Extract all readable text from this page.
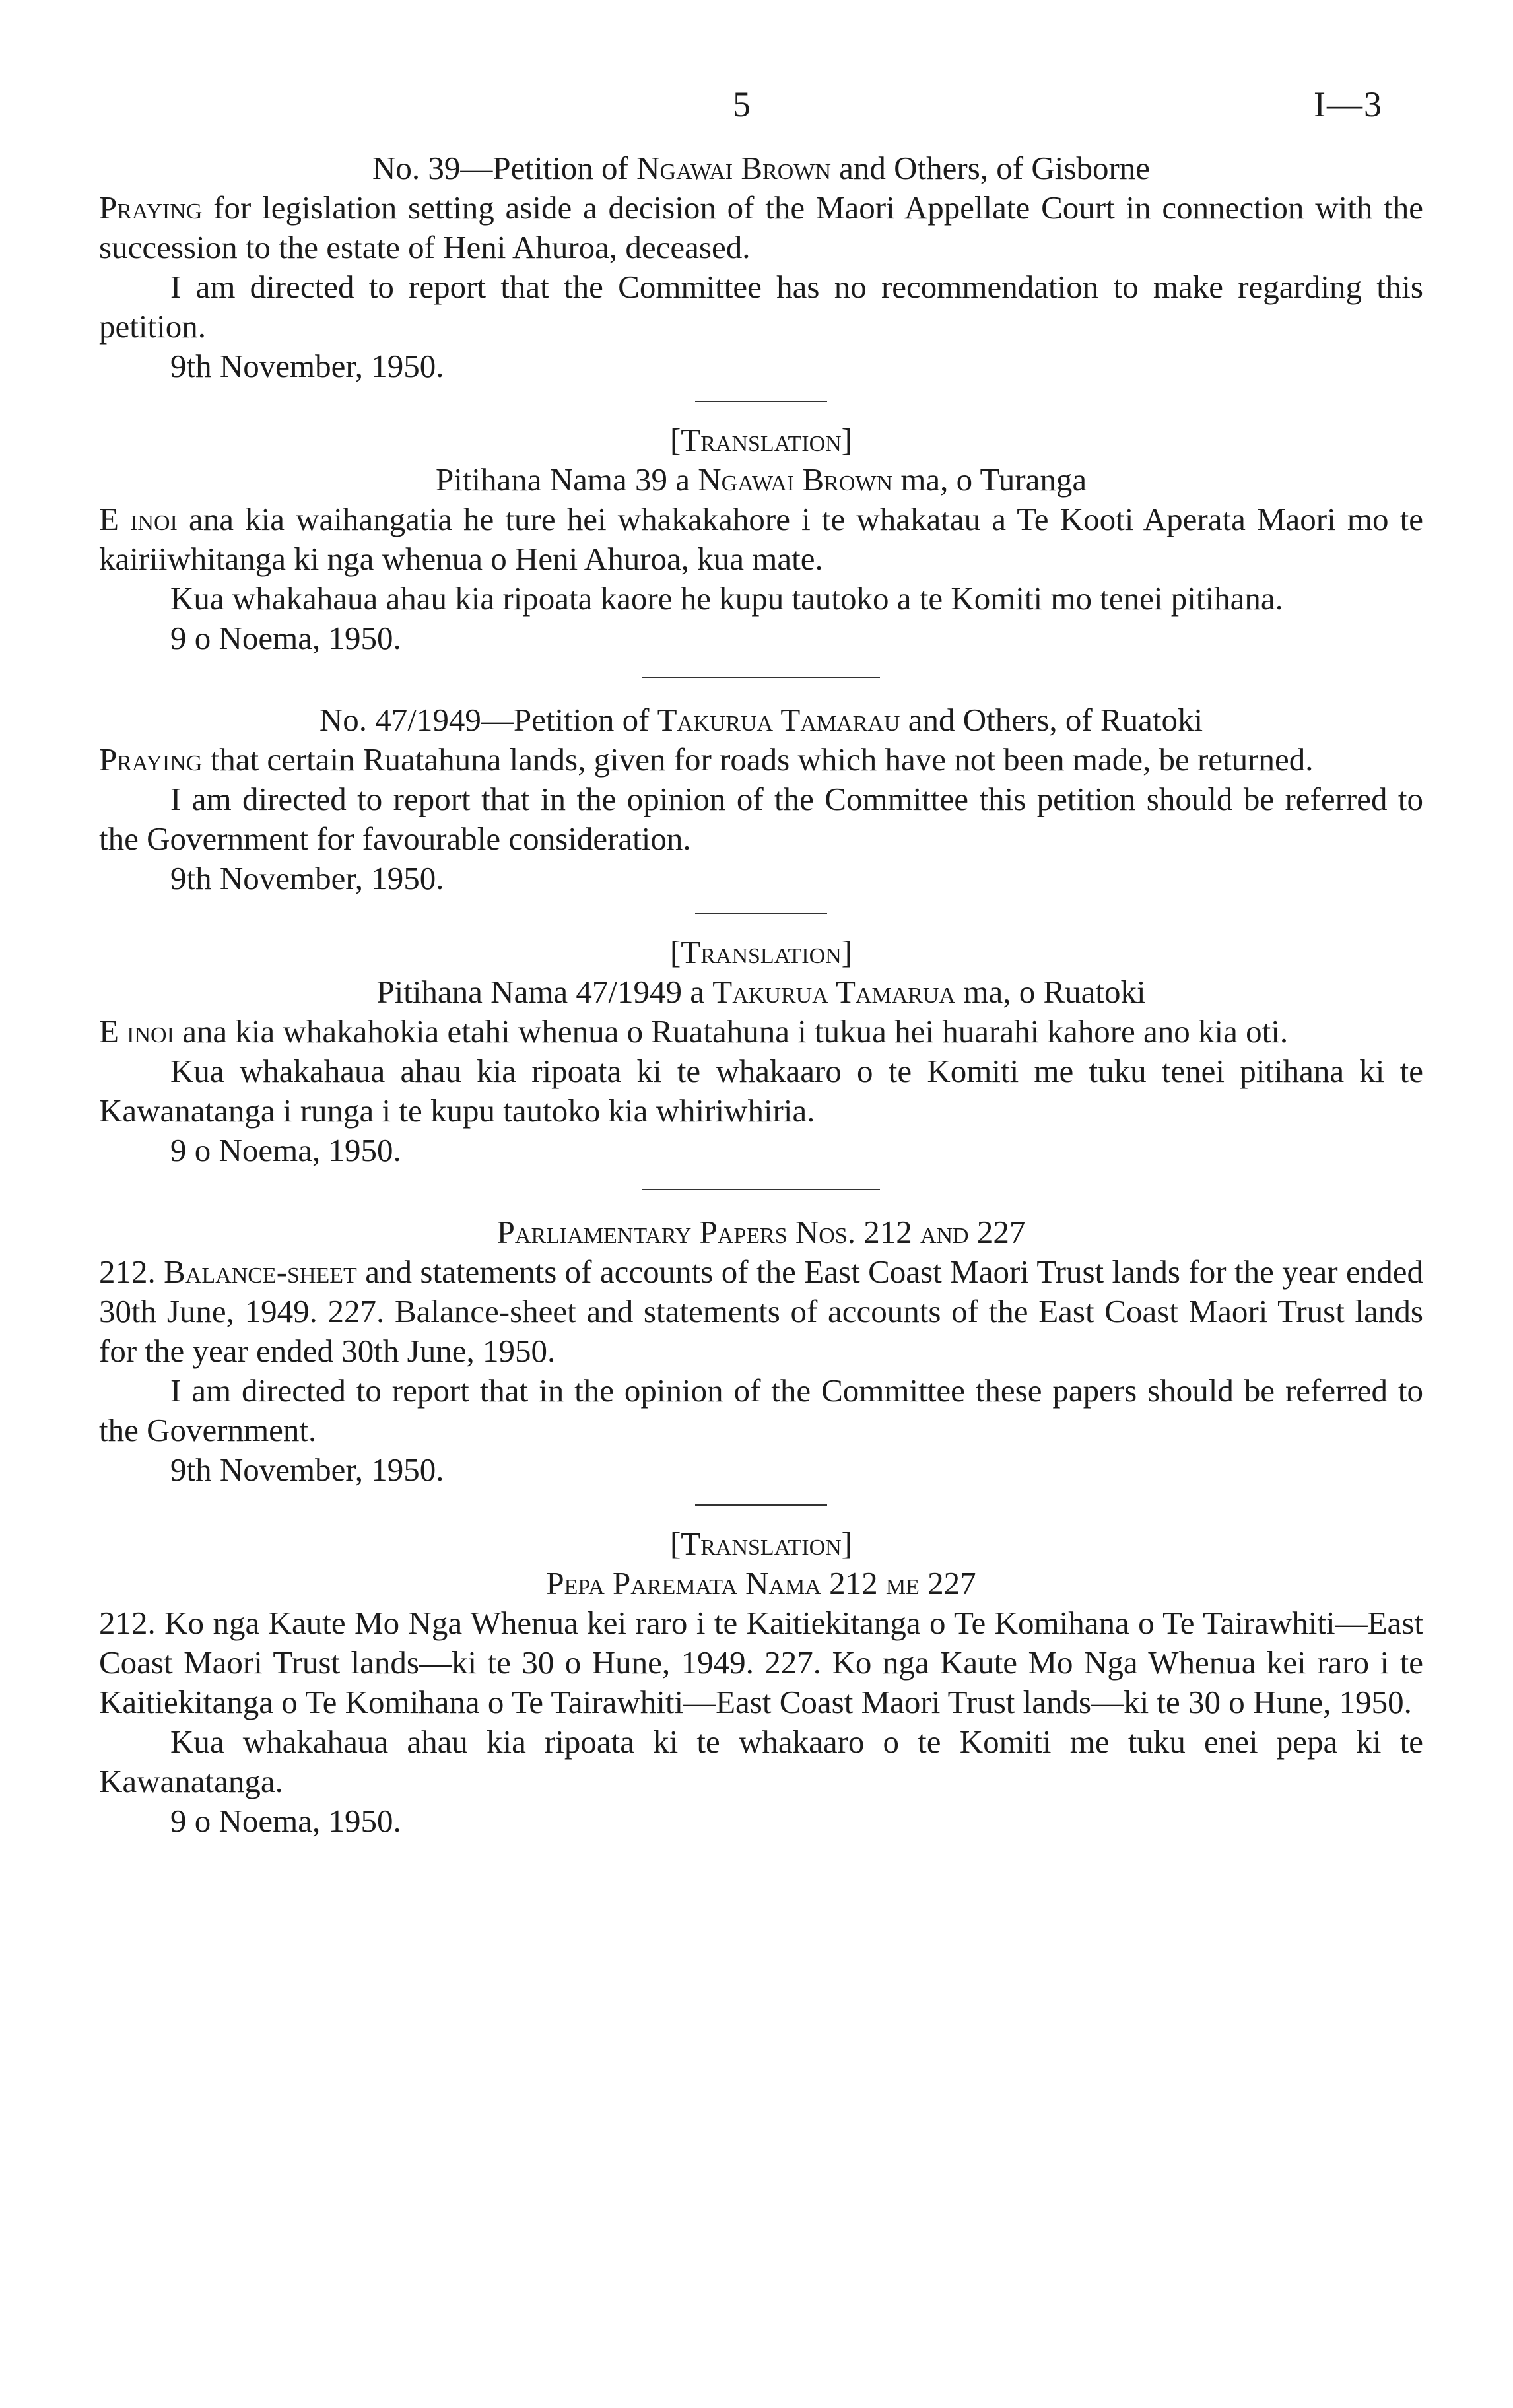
5	I—3

No. 39—Petition of Ngawai Brown and Others, of Gisborne

Praying for legislation setting aside a decision of the Maori Appellate Court in connection with the succession to the estate of Heni Ahuroa, deceased.

I am directed to report that the Committee has no recommendation to make regarding this petition.

9th November, 1950.

[Translation]

Pitihana Nama 39 a Ngawai Brown ma, o Turanga

E inoi ana kia waihangatia he ture hei whakakahore i te whakatau a Te Kooti Aperata Maori mo te kairiiwhitanga ki nga whenua o Heni Ahuroa, kua mate.

Kua whakahaua ahau kia ripoata kaore he kupu tautoko a te Komiti mo tenei pitihana.

9 o Noema, 1950.

No. 47/1949—Petition of Takurua Tamarau and Others, of Ruatoki

Praying that certain Ruatahuna lands, given for roads which have not been made, be returned.

I am directed to report that in the opinion of the Committee this petition should be referred to the Government for favourable consideration.

9th November, 1950.

[Translation]

Pitihana Nama 47/1949 a Takurua Tamarua ma, o Ruatoki

E inoi ana kia whakahokia etahi whenua o Ruatahuna i tukua hei huarahi kahore ano kia oti.

Kua whakahaua ahau kia ripoata ki te whakaaro o te Komiti me tuku tenei pitihana ki te Kawanatanga i runga i te kupu tautoko kia whiriwhiria.

9 o Noema, 1950.

Parliamentary Papers Nos. 212 and 227

212. Balance-sheet and statements of accounts of the East Coast Maori Trust lands for the year ended 30th June, 1949. 227. Balance-sheet and statements of accounts of the East Coast Maori Trust lands for the year ended 30th June, 1950.

I am directed to report that in the opinion of the Committee these papers should be referred to the Government.

9th November, 1950.

[Translation]

Pepa Paremata Nama 212 me 227

212. Ko nga Kaute Mo Nga Whenua kei raro i te Kaitiekitanga o Te Komihana o Te Tairawhiti—East Coast Maori Trust lands—ki te 30 o Hune, 1949. 227. Ko nga Kaute Mo Nga Whenua kei raro i te Kaitiekitanga o Te Komihana o Te Tairawhiti—East Coast Maori Trust lands—ki te 30 o Hune, 1950.

Kua whakahaua ahau kia ripoata ki te whakaaro o te Komiti me tuku enei pepa ki te Kawanatanga.

9 o Noema, 1950.
